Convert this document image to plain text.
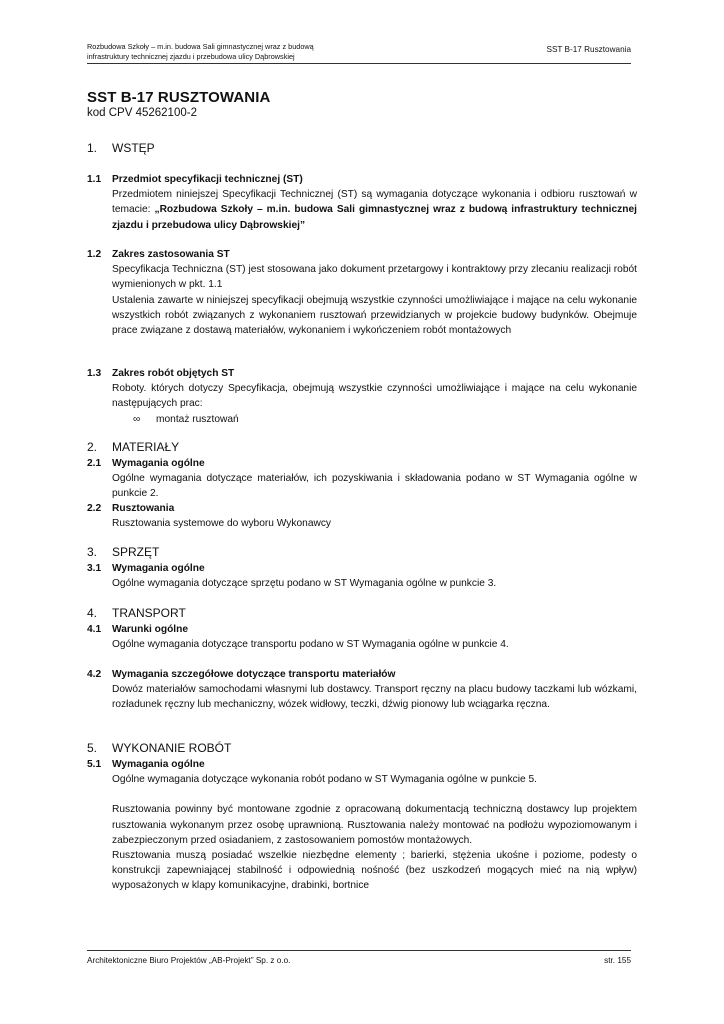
Rozbudowa Szkoły – m.in. budowa Sali gimnastycznej wraz z budową
infrastruktury technicznej zjazdu i przebudowa ulicy Dąbrowskiej
SST B-17 Rusztowania
SST B-17 RUSZTOWANIA
kod CPV 45262100-2
1. WSTĘP
1.1 Przedmiot specyfikacji technicznej (ST)
Przedmiotem niniejszej Specyfikacji Technicznej (ST) są wymagania dotyczące wykonania i odbioru rusztowań w temacie: „Rozbudowa Szkoły – m.in. budowa Sali gimnastycznej wraz z budową infrastruktury technicznej zjazdu i przebudowa ulicy Dąbrowskiej”
1.2 Zakres zastosowania ST
Specyfikacja Techniczna (ST) jest stosowana jako dokument przetargowy i kontraktowy przy zlecaniu realizacji robót wymienionych w pkt. 1.1
Ustalenia zawarte w niniejszej specyfikacji obejmują wszystkie czynności umożliwiające i mające na celu wykonanie wszystkich robót związanych z wykonaniem rusztowań przewidzianych w projekcie budowy budynków. Obejmuje prace związane z dostawą materiałów, wykonaniem i wykończeniem robót montażowych
1.3 Zakres robót objętych ST
Roboty. których dotyczy Specyfikacja, obejmują wszystkie czynności umożliwiające i mające na celu wykonanie następujących prac:
∞ montaż rusztowań
2. MATERIAŁY
2.1 Wymagania ogólne
Ogólne wymagania dotyczące materiałów, ich pozyskiwania i składowania podano w ST Wymagania ogólne w punkcie 2.
2.2 Rusztowania
Rusztowania systemowe do wyboru Wykonawcy
3. SPRZĘT
3.1 Wymagania ogólne
Ogólne wymagania dotyczące sprzętu podano w ST Wymagania ogólne w punkcie 3.
4. TRANSPORT
4.1 Warunki ogólne
Ogólne wymagania dotyczące transportu podano w ST Wymagania ogólne w punkcie 4.
4.2 Wymagania szczegółowe dotyczące transportu materiałów
Dowóz materiałów samochodami własnymi lub dostawcy. Transport ręczny na placu budowy taczkami lub wózkami, rozładunek ręczny lub mechaniczny, wózek widłowy, teczki, dźwig pionowy lub wciągarka ręczna.
5. WYKONANIE ROBÓT
5.1 Wymagania ogólne
Ogólne wymagania dotyczące wykonania robót podano w ST Wymagania ogólne w punkcie 5.
Rusztowania powinny być montowane zgodnie z opracowaną dokumentacją techniczną dostawcy lup projektem rusztowania wykonanym przez osobę uprawnioną. Rusztowania należy montować na podłożu wypoziomowanym i zabezpieczonym przed osiadaniem, z zastosowaniem pomostów montażowych.
Rusztowania muszą posiadać wszelkie niezbędne elementy ; barierki, stężenia ukośne i poziome, podesty o konstrukcji zapewniającej stabilność i odpowiednią nośność (bez uszkodzeń mogących mieć na nią wpływ) wyposażonych w klapy komunikacyjne, drabinki, bortnice
Architektoniczne Biuro Projektów „AB-Projekt” Sp. z o.o.	str. 155
